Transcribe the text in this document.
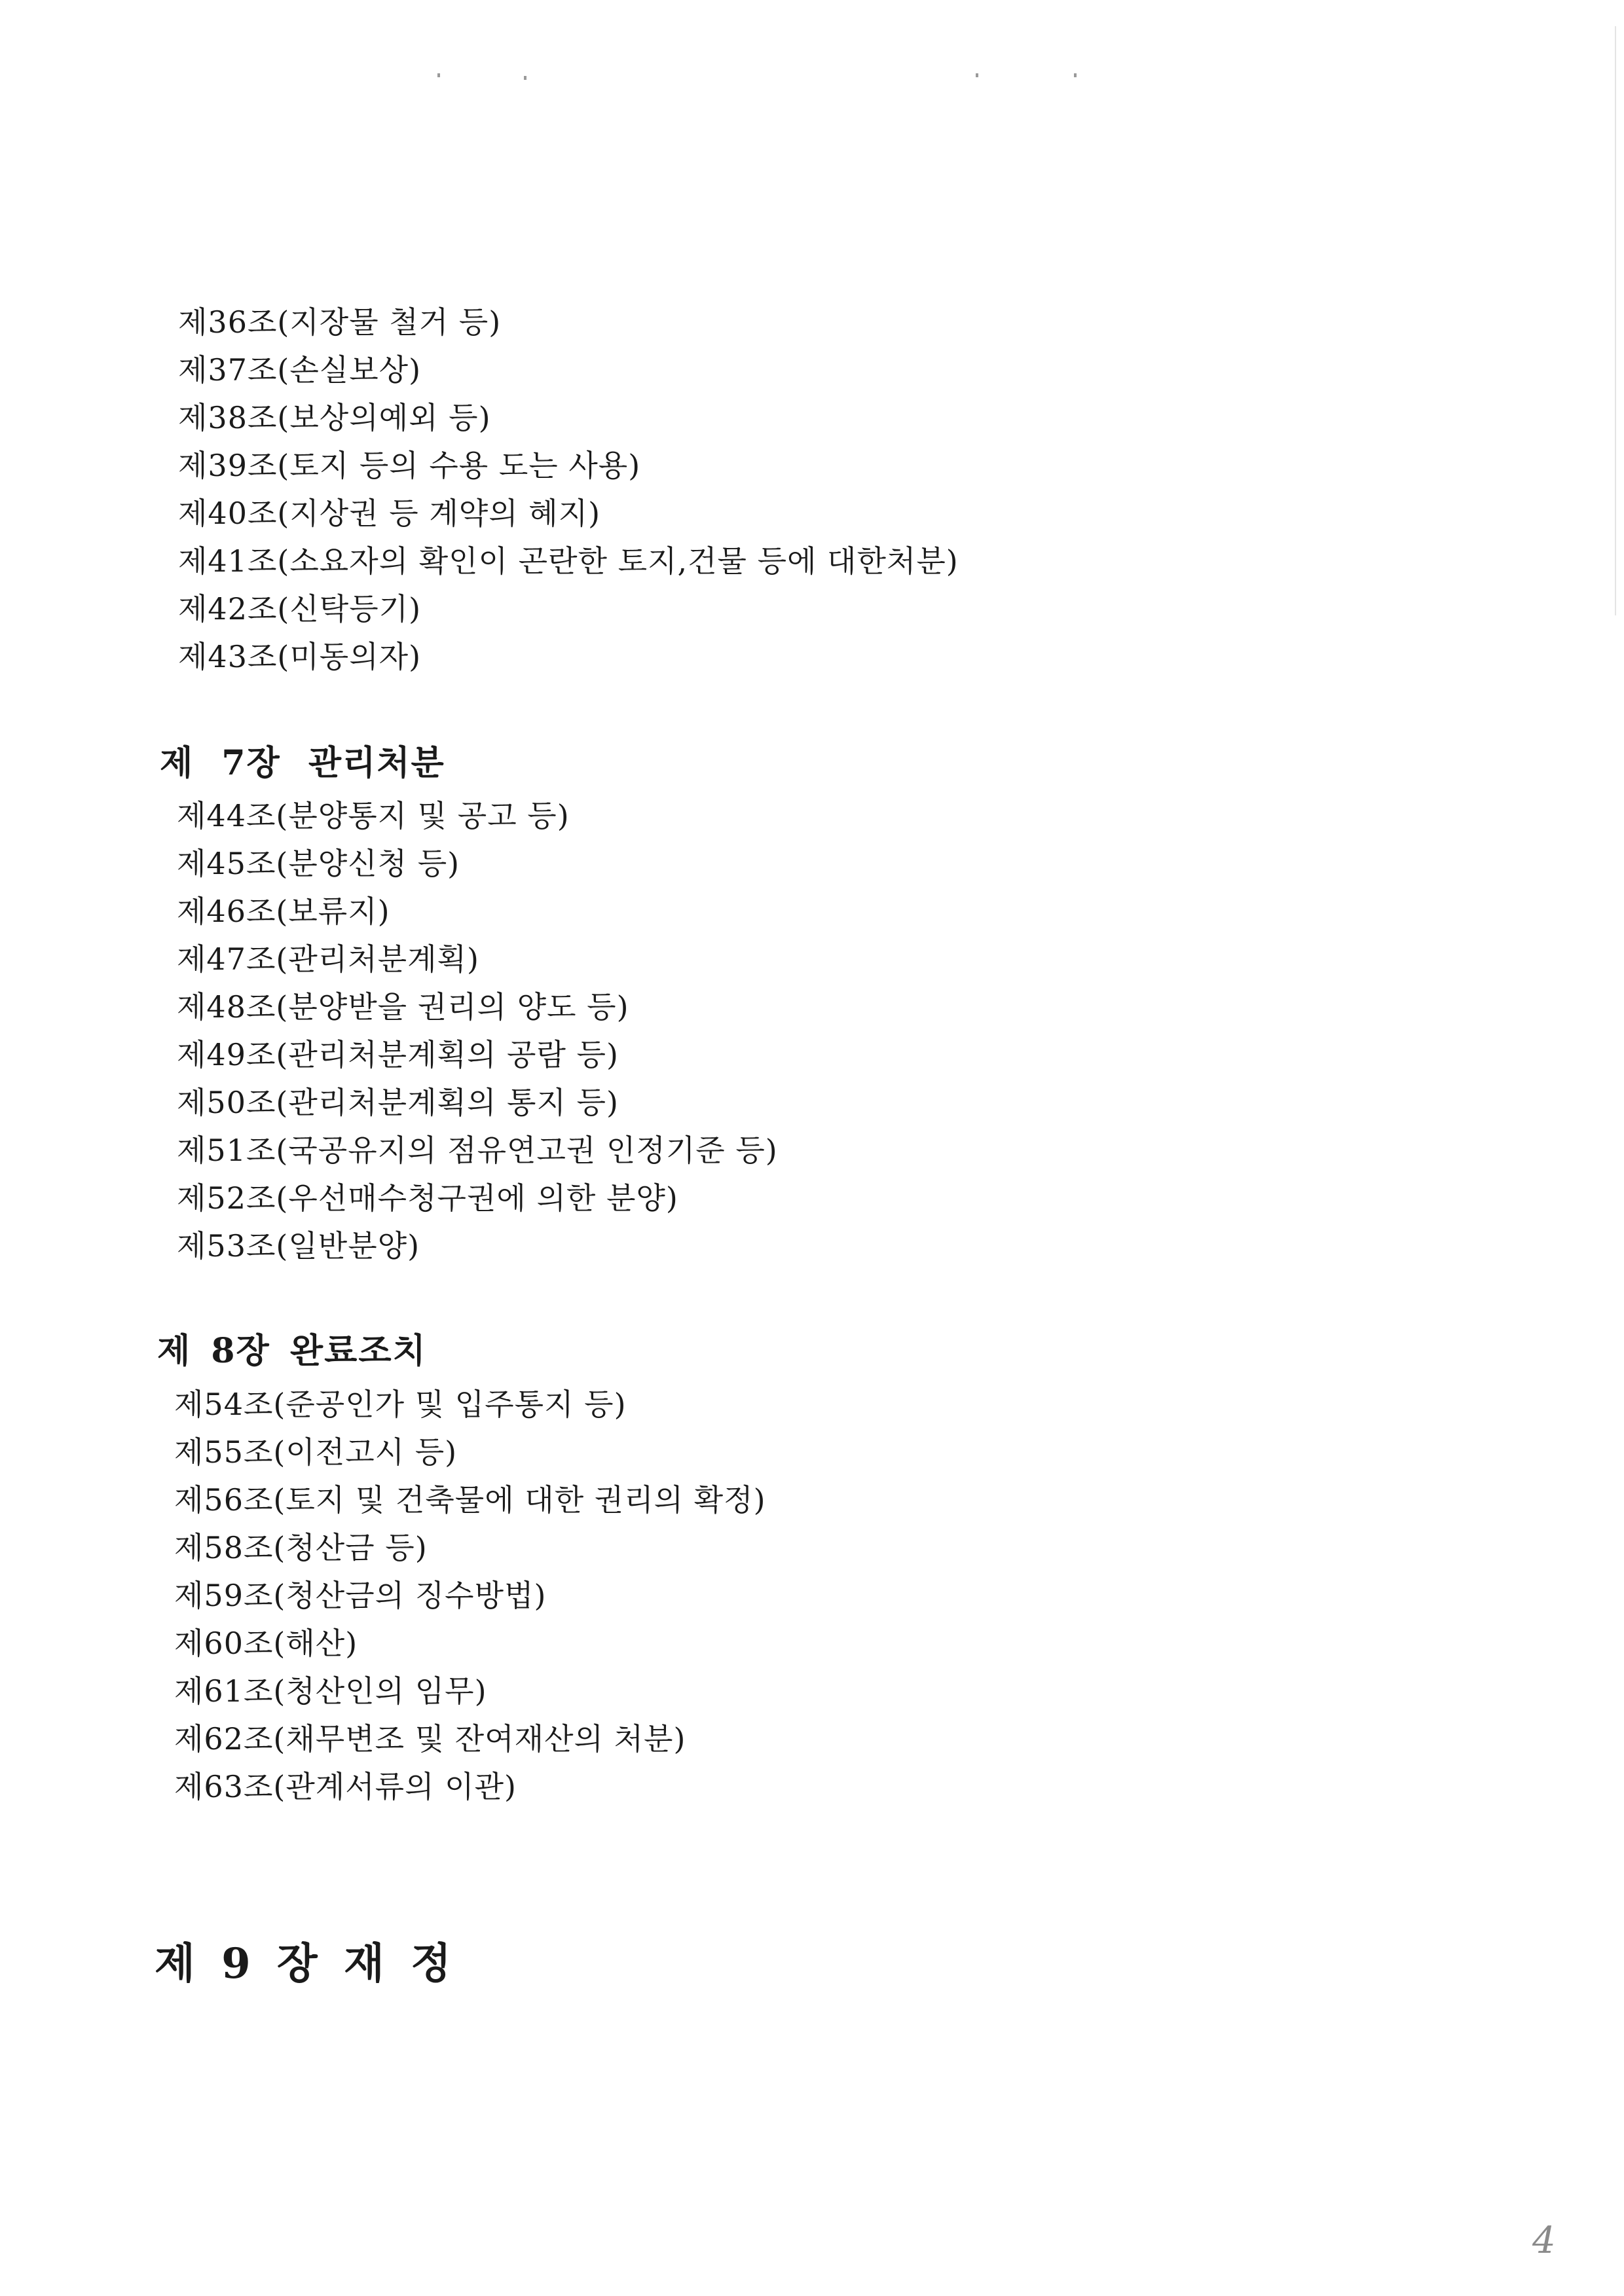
제36조(지장물 철거 등)
제37조(손실보상)
제38조(보상의예외 등)
제39조(토지 등의 수용 도는 사용)
제40조(지상권 등 계약의 혜지)
제41조(소요자의 확인이 곤란한 토지,건물 등에 대한처분)
제42조(신탁등기)
제43조(미동의자)
제 7장 관리처분
제44조(분양통지 및 공고 등)
제45조(분양신청 등)
제46조(보류지)
제47조(관리처분계획)
제48조(분양받을 권리의 양도 등)
제49조(관리처분계획의 공람 등)
제50조(관리처분계획의 통지 등)
제51조(국공유지의 점유연고권 인정기준 등)
제52조(우선매수청구권에 의한 분양)
제53조(일반분양)
제 8장 완료조치
제54조(준공인가 및 입주통지 등)
제55조(이전고시 등)
제56조(토지 및 건축물에 대한 권리의 확정)
제58조(청산금 등)
제59조(청산금의 징수방법)
제60조(해산)
제61조(청산인의 임무)
제62조(채무변조 및 잔여재산의 처분)
제63조(관계서류의 이관)
제 9 장 재 정
4
